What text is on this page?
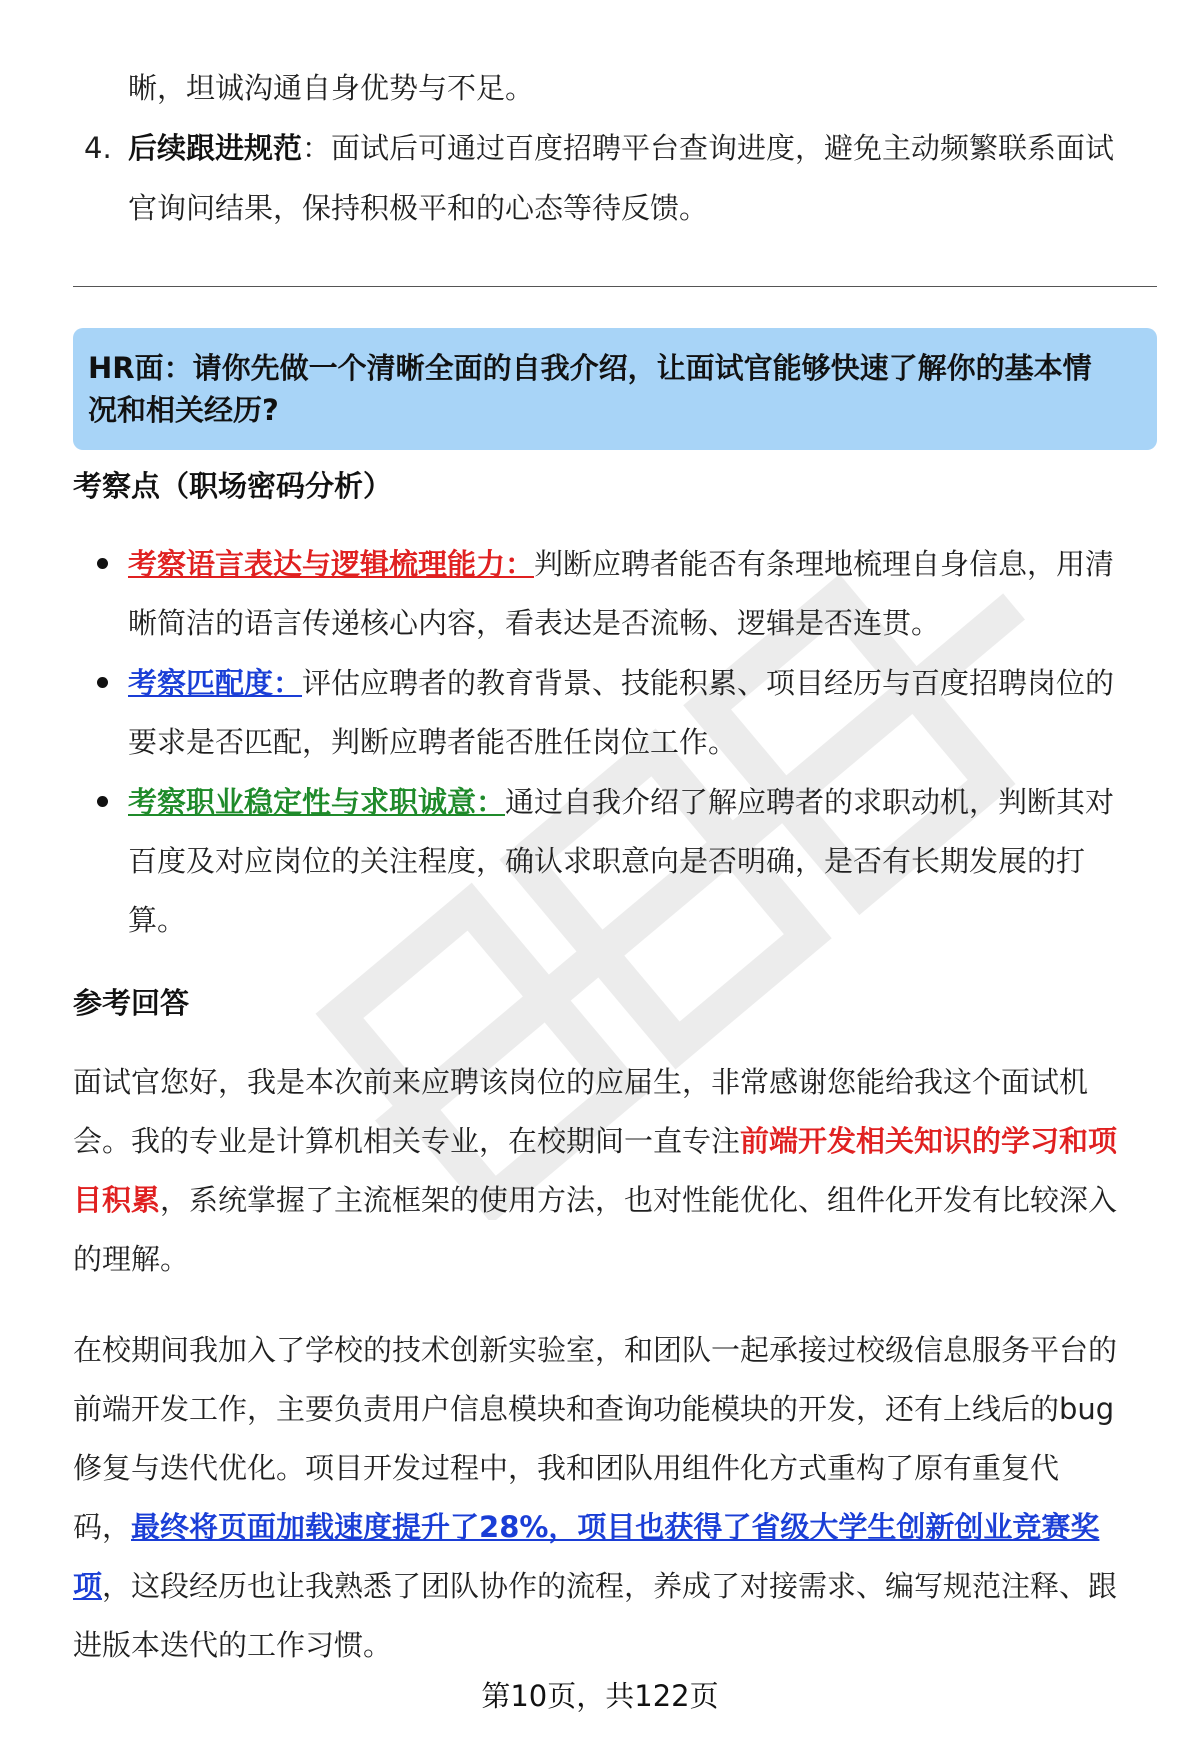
晰，坦诚沟通自身优势与不足。
4. 后续跟进规范：面试后可通过百度招聘平台查询进度，避免主动频繁联系面试
官询问结果，保持积极平和的心态等待反馈。
HR面：请你先做一个清晰全面的自我介绍，让面试官能够快速了解你的基本情
况和相关经历?
考察点（职场密码分析）
考察语言表达与逻辑梳理能力：判断应聘者能否有条理地梳理自身信息，用清
晰简洁的语言传递核心内容，看表达是否流畅、逻辑是否连贯。
考察匹配度：评估应聘者的教育背景、技能积累、项目经历与百度招聘岗位的
要求是否匹配，判断应聘者能否胜任岗位工作。
考察职业稳定性与求职诚意：通过自我介绍了解应聘者的求职动机，判断其对
百度及对应岗位的关注程度，确认求职意向是否明确，是否有长期发展的打
算。
参考回答
面试官您好，我是本次前来应聘该岗位的应届生，非常感谢您能给我这个面试机
会。我的专业是计算机相关专业，在校期间一直专注前端开发相关知识的学习和项
目积累，系统掌握了主流框架的使用方法，也对性能优化、组件化开发有比较深入
的理解。
在校期间我加入了学校的技术创新实验室，和团队一起承接过校级信息服务平台的
前端开发工作，主要负责用户信息模块和查询功能模块的开发，还有上线后的bug
修复与迭代优化。项目开发过程中，我和团队用组件化方式重构了原有重复代
码，最终将页面加载速度提升了28%，项目也获得了省级大学生创新创业竞赛奖
项，这段经历也让我熟悉了团队协作的流程，养成了对接需求、编写规范注释、跟
进版本迭代的工作习惯。
第10页，共122页
